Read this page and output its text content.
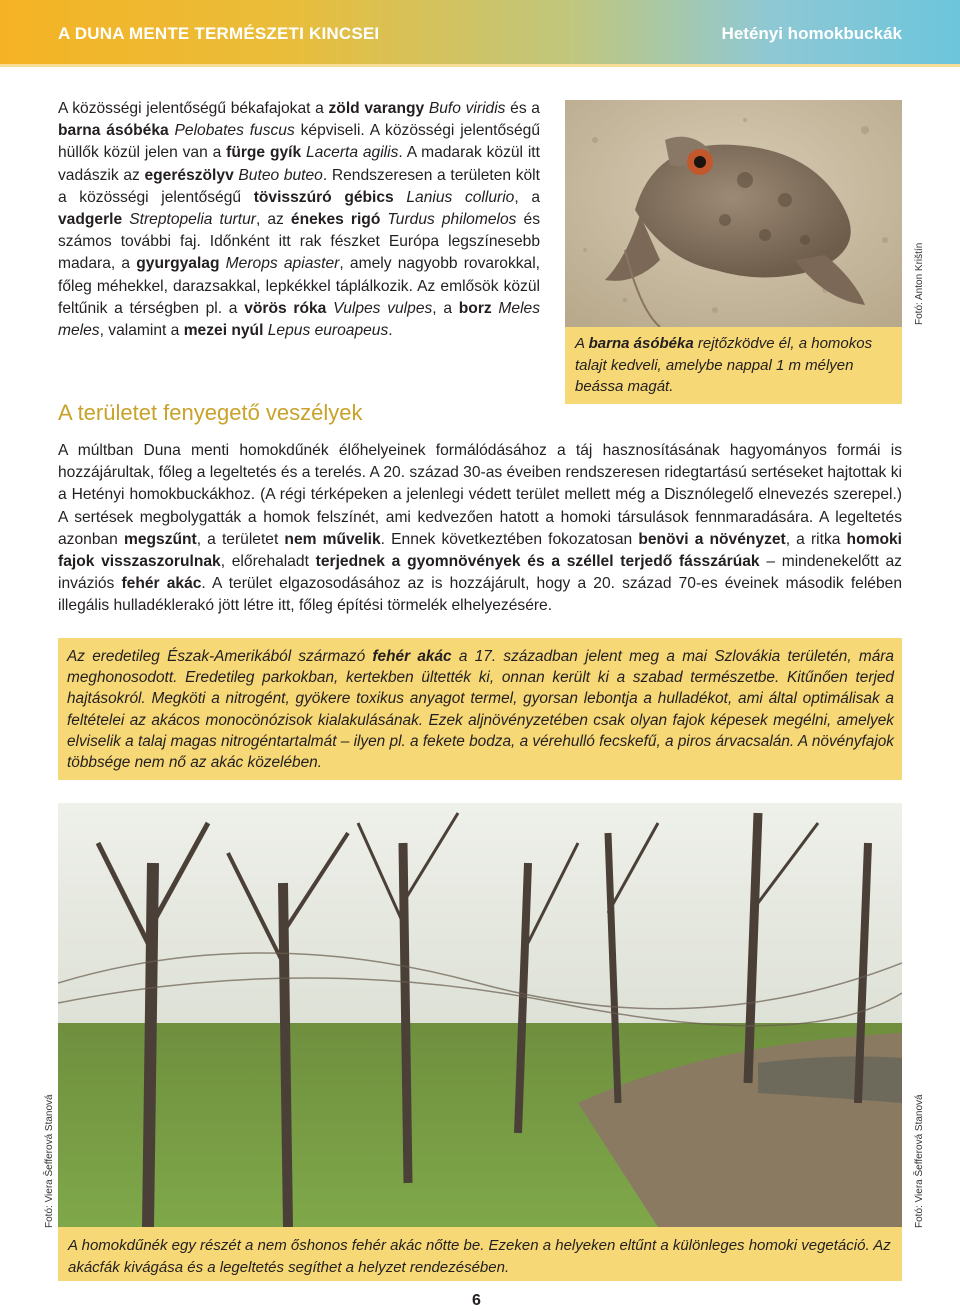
A DUNA MENTE TERMÉSZETI KINCSEI	Hetényi homokbuckák
A közösségi jelentőségű békafajokat a zöld varangy Bufo viridis és a barna ásóbéka Pelobates fuscus képviseli. A közösségi jelentőségű hüllők közül jelen van a fürge gyík Lacerta agilis. A madarak közül itt vadászik az egerészölyv Buteo buteo. Rendszeresen a területen költ a közösségi jelentőségű tövisszúró gébics Lanius collurio, a vadgerle Streptopelia turtur, az énekes rigó Turdus philomelos és számos további faj. Időnként itt rak fészket Európa legszínesebb madara, a gyurgyalag Merops apiaster, amely nagyobb rovarokkal, főleg méhekkel, darazsakkal, lepkékkel táplálkozik. Az emlősök közül feltűnik a térségben pl. a vörös róka Vulpes vulpes, a borz Meles meles, valamint a mezei nyúl Lepus euroapeus.
A barna ásóbéka rejtőzködve él, a homokos talajt kedveli, amelybe nappal 1 m mélyen beássa magát.
Fotó: Anton Krištín
A területet fenyegető veszélyek
A múltban Duna menti homokdűnék élőhelyeinek formálódásához a táj hasznosításának hagyományos formái is hozzájárultak, főleg a legeltetés és a terelés. A 20. század 30-as éveiben rendszeresen ridegtartású sertéseket hajtottak ki a Hetényi homokbuckákhoz. (A régi térképeken a jelenlegi védett terület mellett még a Disznólegelő elnevezés szerepel.) A sertések megbolygatták a homok felszínét, ami kedvezően hatott a homoki társulások fennmaradására. A legeltetés azonban megszűnt, a területet nem művelik. Ennek következtében fokozatosan benövi a növényzet, a ritka homoki fajok visszaszorulnak, előrehaladt terjednek a gyomnövények és a széllel terjedő fásszárúak – mindenekelőtt az inváziós fehér akác. A terület elgazosodásához az is hozzájárult, hogy a 20. század 70-es éveinek második felében illegális hulladéklerakó jött létre itt, főleg építési törmelék elhelyezésére.
Az eredetileg Észak-Amerikából származó fehér akác a 17. században jelent meg a mai Szlovákia területén, mára meghonosodott. Eredetileg parkokban, kertekben ültették ki, onnan került ki a szabad természetbe. Kitűnően terjed hajtásokról. Megköti a nitrogént, gyökere toxikus anyagot termel, gyorsan lebontja a hulladékot, ami által optimálisak a feltételei az akácos monocönózisok kialakulásának. Ezek aljnövényzetében csak olyan fajok képesek megélni, amelyek elviselik a talaj magas nitrogéntartalmát – ilyen pl. a fekete bodza, a vérehulló fecskefű, a piros árvacsalán. A növényfajok többsége nem nő az akác közelében.
A homokdűnék egy részét a nem őshonos fehér akác nőtte be. Ezeken a helyeken eltűnt a különleges homoki vegetáció. Az akácfák kivágása és a legeltetés segíthet a helyzet rendezésében.
Fotó: Viera Šefferová Stanová	Fotó: Viera Šefferová Stanová
6
